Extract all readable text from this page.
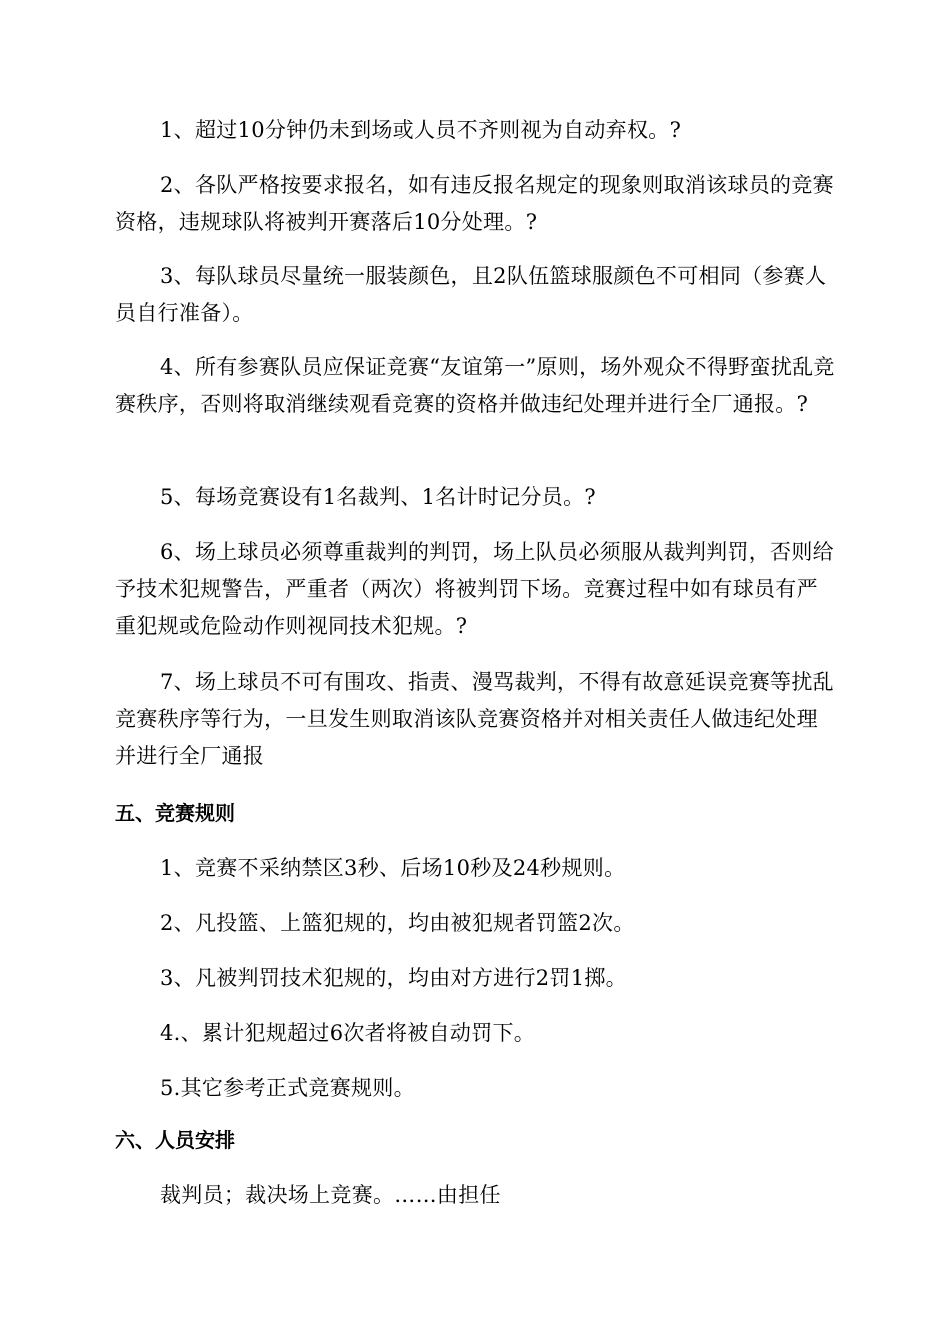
1、超过10分钟仍未到场或人员不齐则视为自动弃权。?

2、各队严格按要求报名，如有违反报名规定的现象则取消该球员的竞赛资格，违规球队将被判开赛落后10分处理。?

3、每队球员尽量统一服装颜色，且2队伍篮球服颜色不可相同（参赛人员自行准备）。

4、所有参赛队员应保证竞赛“友谊第一”原则，场外观众不得野蛮扰乱竞赛秩序，否则将取消继续观看竞赛的资格并做违纪处理并进行全厂通报。?

5、每场竞赛设有1名裁判、1名计时记分员。?

6、场上球员必须尊重裁判的判罚，场上队员必须服从裁判判罚，否则给予技术犯规警告，严重者（两次）将被判罚下场。竞赛过程中如有球员有严重犯规或危险动作则视同技术犯规。?

7、场上球员不可有围攻、指责、漫骂裁判，不得有故意延误竞赛等扰乱竞赛秩序等行为，一旦发生则取消该队竞赛资格并对相关责任人做违纪处理并进行全厂通报

五、竞赛规则

1、竞赛不采纳禁区3秒、后场10秒及24秒规则。

2、凡投篮、上篮犯规的，均由被犯规者罚篮2次。

3、凡被判罚技术犯规的，均由对方进行2罚1掷。

4.、累计犯规超过6次者将被自动罚下。

5.其它参考正式竞赛规则。

六、人员安排

裁判员；裁决场上竞赛。……由担任
